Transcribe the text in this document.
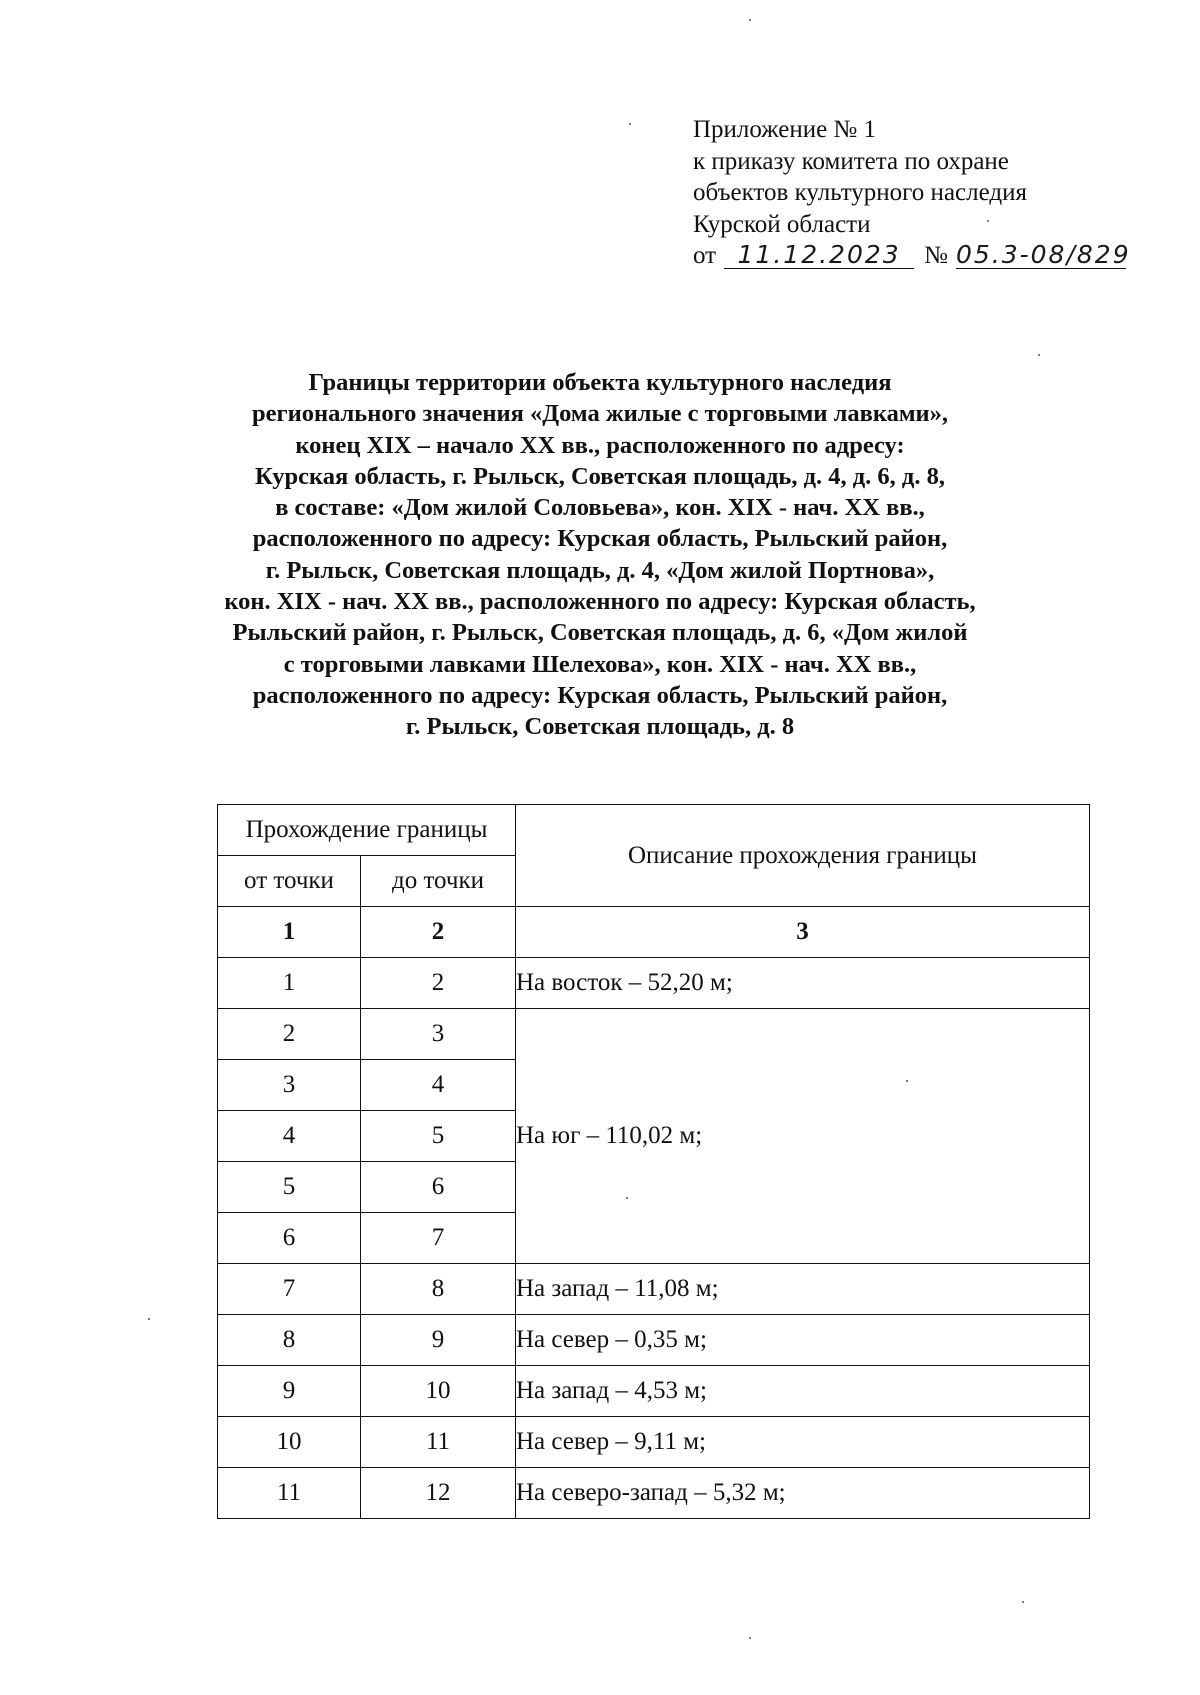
Приложение № 1
к приказу комитета по охране
объектов культурного наследия
Курской области
от 11.12.2023 № 05.3-08/829
Границы территории объекта культурного наследия
регионального значения «Дома жилые с торговыми лавками»,
конец XIX – начало XX вв., расположенного по адресу:
Курская область, г. Рыльск, Советская площадь, д. 4, д. 6, д. 8,
в составе: «Дом жилой Соловьева», кон. XIX - нач. XX вв.,
расположенного по адресу: Курская область, Рыльский район,
г. Рыльск, Советская площадь, д. 4, «Дом жилой Портнова»,
кон. XIX - нач. XX вв., расположенного по адресу: Курская область,
Рыльский район, г. Рыльск, Советская площадь, д. 6, «Дом жилой
с торговыми лавками Шелехова», кон. XIX - нач. XX вв.,
расположенного по адресу: Курская область, Рыльский район,
г. Рыльск, Советская площадь, д. 8
Прохождение границы		Описание прохождения границы
от точки	до точки	
1	2	3
1	2	На восток – 52,20 м;
2	3	На юг – 110,02 м;
3	4	
4	5	
5	6	
6	7	
7	8	На запад – 11,08 м;
8	9	На север – 0,35 м;
9	10	На запад – 4,53 м;
10	11	На север – 9,11 м;
11	12	На северо-запад – 5,32 м;
